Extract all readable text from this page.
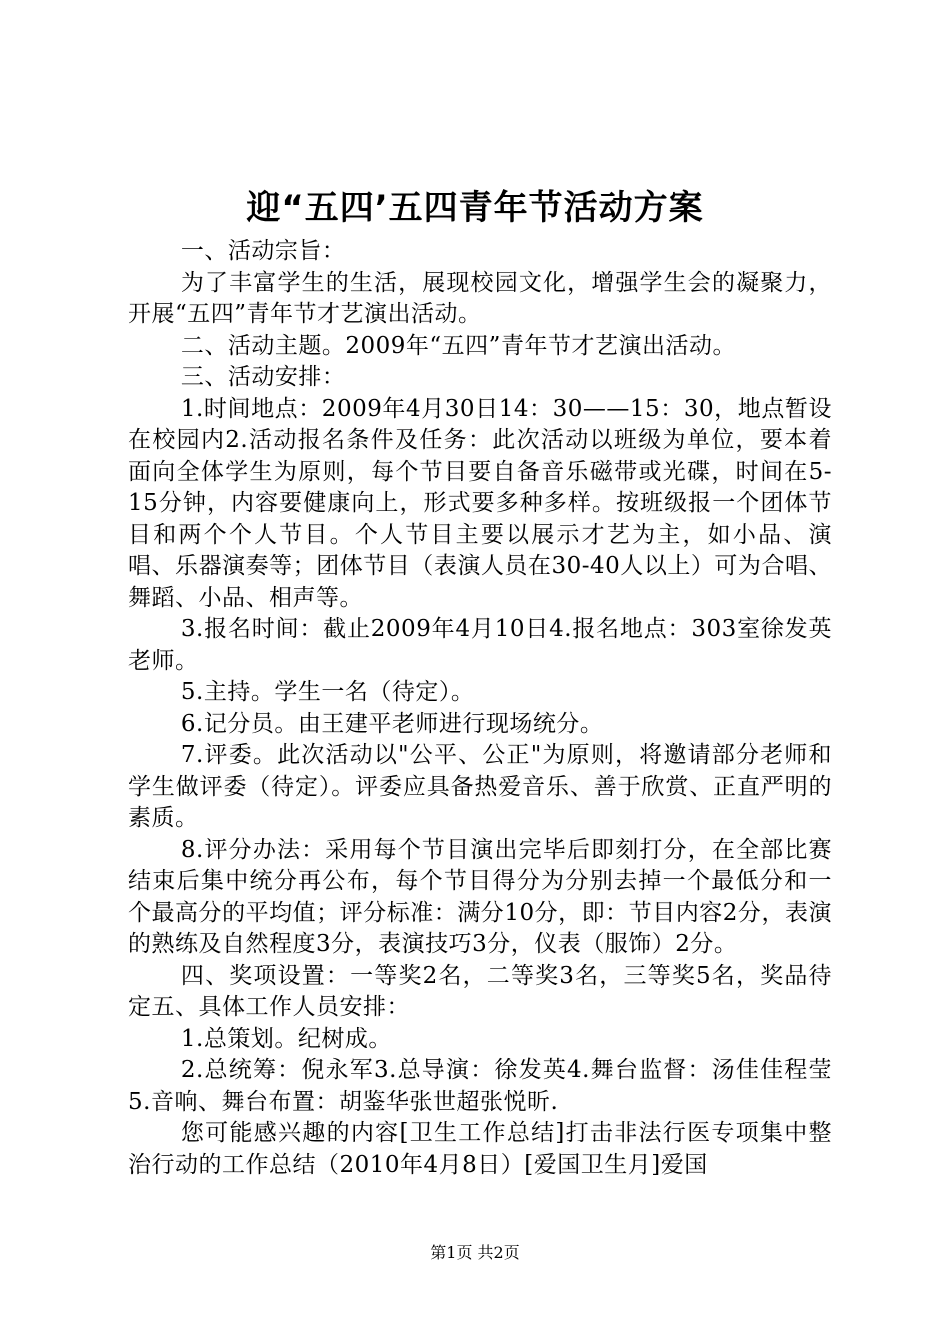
迎“五四’五四青年节活动方案

一、活动宗旨：

为了丰富学生的生活，展现校园文化，增强学生会的凝聚力，开展“五四”青年节才艺演出活动。

二、活动主题。2009年“五四”青年节才艺演出活动。

三、活动安排：

1.时间地点：2009年4月30日14：30——15：30，地点暂设在校园内2.活动报名条件及任务：此次活动以班级为单位，要本着面向全体学生为原则，每个节目要自备音乐磁带或光碟，时间在5-15分钟，内容要健康向上，形式要多种多样。按班级报一个团体节目和两个个人节目。个人节目主要以展示才艺为主，如小品、演唱、乐器演奏等；团体节目（表演人员在30-40人以上）可为合唱、舞蹈、小品、相声等。

3.报名时间：截止2009年4月10日4.报名地点：303室徐发英老师。

5.主持。学生一名（待定）。

6.记分员。由王建平老师进行现场统分。

7.评委。此次活动以"公平、公正"为原则，将邀请部分老师和学生做评委（待定）。评委应具备热爱音乐、善于欣赏、正直严明的素质。

8.评分办法：采用每个节目演出完毕后即刻打分，在全部比赛结束后集中统分再公布，每个节目得分为分别去掉一个最低分和一个最高分的平均值；评分标准：满分10分，即：节目内容2分，表演的熟练及自然程度3分，表演技巧3分，仪表（服饰）2分。

四、奖项设置：一等奖2名，二等奖3名，三等奖5名，奖品待定五、具体工作人员安排：

1.总策划。纪树成。

2.总统筹：倪永军3.总导演：徐发英4.舞台监督：汤佳佳程莹5.音响、舞台布置：胡鉴华张世超张悦昕.

您可能感兴趣的内容[卫生工作总结]打击非法行医专项集中整治行动的工作总结（2010年4月8日）[爱国卫生月]爱国

第1页 共2页
